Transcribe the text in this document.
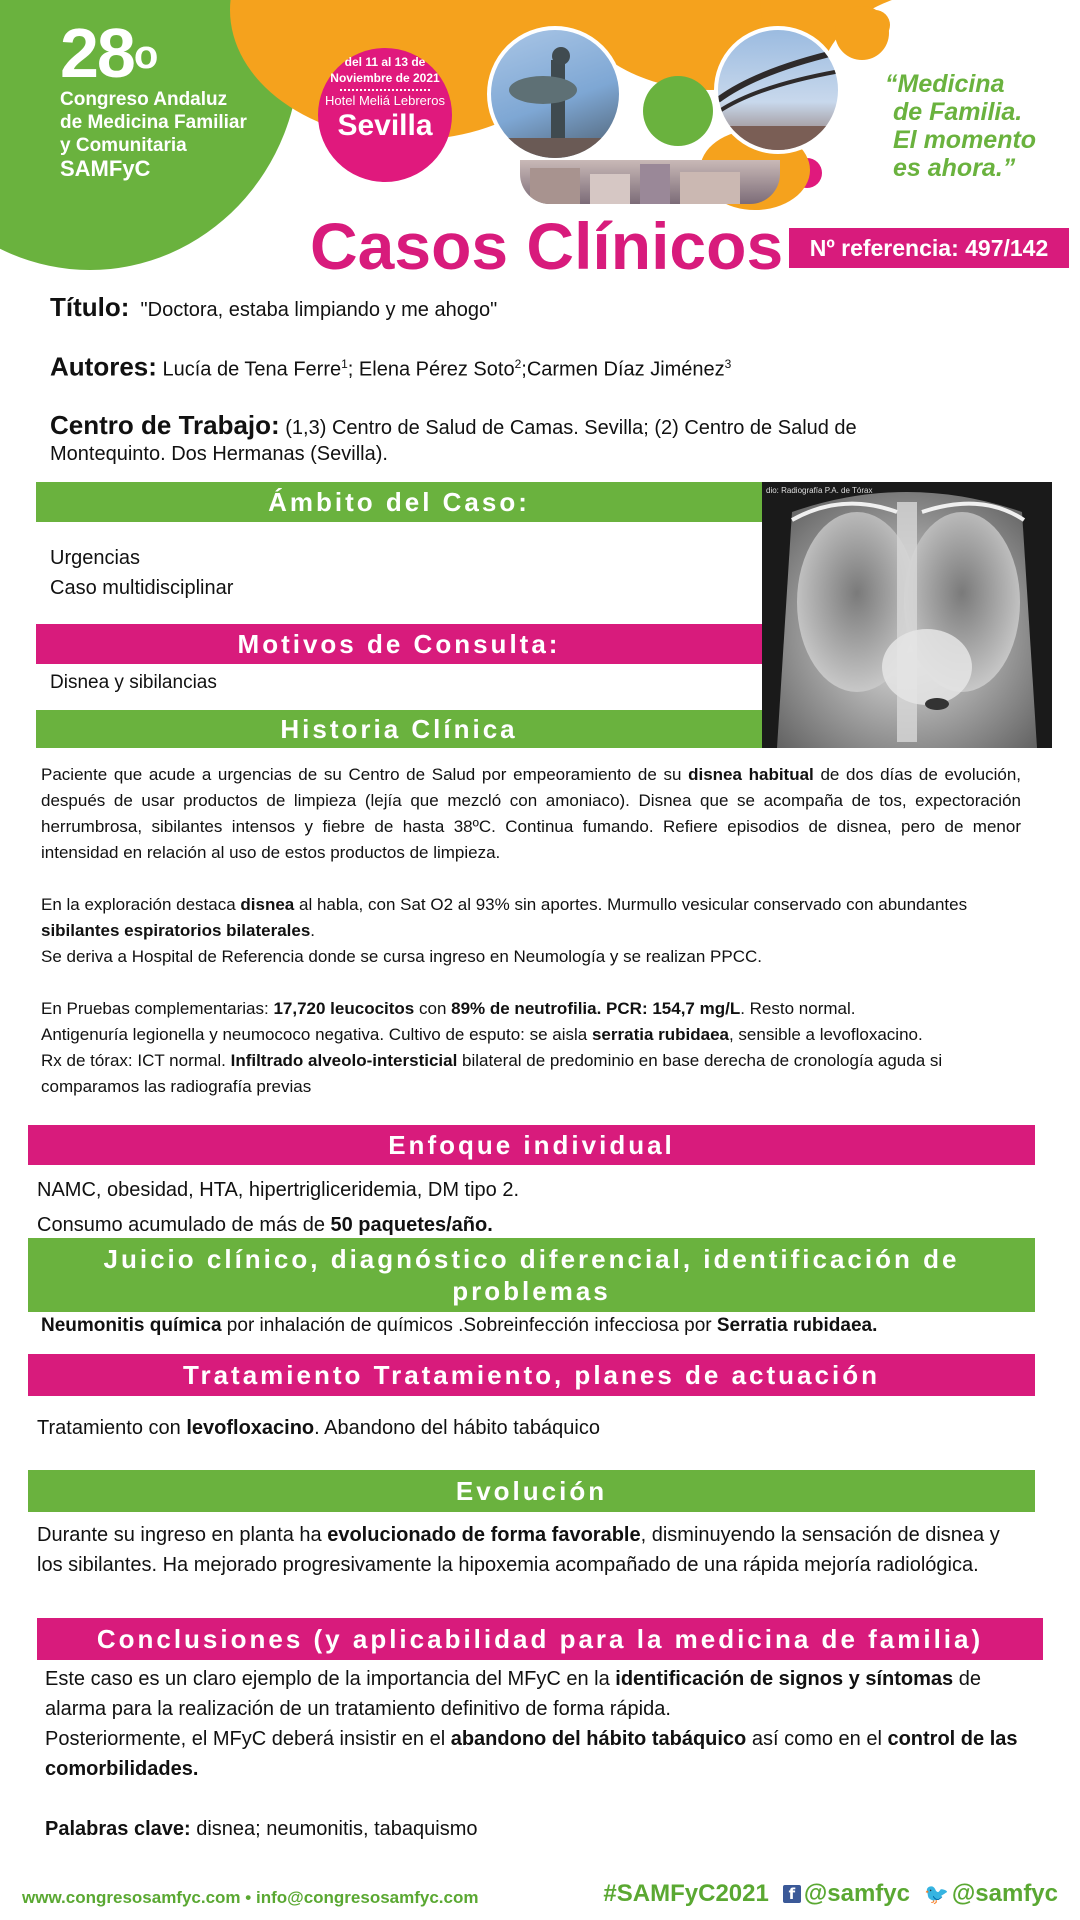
28$^o$
Congreso Andaluz
de Medicina Familiar
y Comunitaria
SAMFyC
del 11 al 13 de
Noviembre de 2021
Hotel Meliá Lebreros
Sevilla
“Medicina
de Familia.
El momento
es ahora.”
Casos Clínicos	Nº referencia: 497/142
Título: "Doctora, estaba limpiando y me ahogo"
Autores: Lucía de Tena Ferre$^1$; Elena Pérez Soto$^2$;Carmen Díaz Jiménez$^3$
Centro de Trabajo: (1,3) Centro de Salud de Camas. Sevilla; (2) Centro de Salud de
Montequinto. Dos Hermanas (Sevilla).
Ámbito del Caso:
Urgencias
Caso multidisciplinar
Motivos de Consulta:
Disnea y sibilancias
dio: Radiografía P.A. de Tórax
Historia Clínica
Paciente que acude a urgencias de su Centro de Salud por empeoramiento de su disnea habitual de dos días de evolución, después de usar productos de limpieza (lejía que mezcló con amoniaco). Disnea que se acompaña de tos, expectoración herrumbrosa, sibilantes intensos y fiebre de hasta 38ºC. Continua fumando. Refiere episodios de disnea, pero de menor intensidad en relación al uso de estos productos de limpieza.
En la exploración destaca disnea al habla, con Sat O2 al 93% sin aportes. Murmullo vesicular conservado con abundantes sibilantes espiratorios bilaterales.
Se deriva a Hospital de Referencia donde se cursa ingreso en Neumología y se realizan PPCC.
En Pruebas complementarias: 17,720 leucocitos con 89% de neutrofilia. PCR: 154,7 mg/L. Resto normal.
Antigenuría legionella y neumococo negativa. Cultivo de esputo: se aisla serratia rubidaea, sensible a levofloxacino.
Rx de tórax: ICT normal. Infiltrado alveolo-intersticial bilateral de predominio en base derecha de cronología aguda si comparamos las radiografía previas
Enfoque individual
NAMC, obesidad, HTA, hipertrigliceridemia, DM tipo 2.
Consumo acumulado de más de 50 paquetes/año.
Juicio clínico, diagnóstico diferencial, identificación de
problemas
Neumonitis química por inhalación de químicos .Sobreinfección infecciosa por Serratia rubidaea.
Tratamiento Tratamiento, planes de actuación
Tratamiento con levofloxacino. Abandono del hábito tabáquico
Evolución
Durante su ingreso en planta ha evolucionado de forma favorable, disminuyendo la sensación de disnea y los sibilantes. Ha mejorado progresivamente la hipoxemia acompañado de una rápida mejoría radiológica.
Conclusiones (y aplicabilidad para la medicina de familia)
Este caso es un claro ejemplo de la importancia del MFyC en la identificación de signos y síntomas de alarma para la realización de un tratamiento definitivo de forma rápida.
Posteriormente, el MFyC deberá insistir en el abandono del hábito tabáquico así como en el control de las comorbilidades.
Palabras clave: disnea; neumonitis, tabaquismo
www.congresosamfyc.com • info@congresosamfyc.com	#SAMFyC2021	f @samfyc 🐦 @samfyc
